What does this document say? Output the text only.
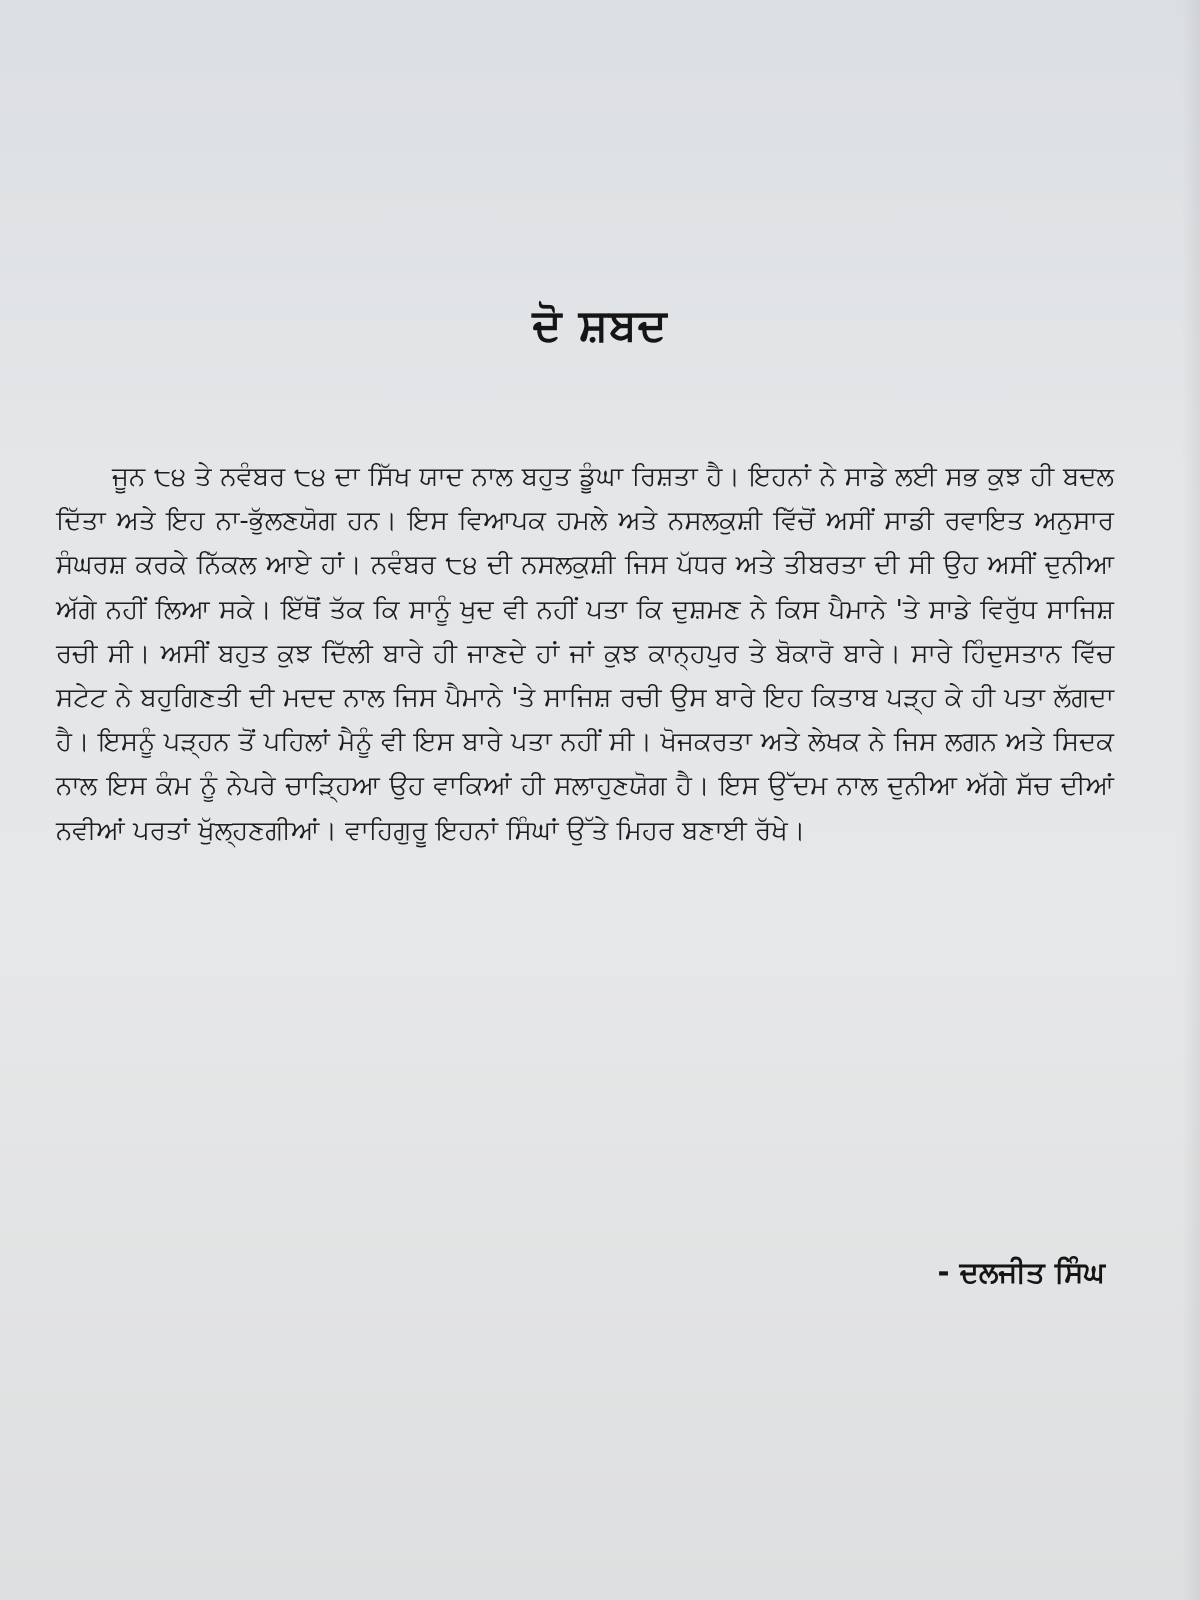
ਦੋ ਸ਼ਬਦ

ਜੂਨ ੮੪ ਤੇ ਨਵੰਬਰ ੮੪ ਦਾ ਸਿੱਖ ਯਾਦ ਨਾਲ ਬਹੁਤ ਡੂੰਘਾ ਰਿਸ਼ਤਾ ਹੈ। ਇਹਨਾਂ ਨੇ ਸਾਡੇ ਲਈ ਸਭ ਕੁਝ ਹੀ ਬਦਲ ਦਿੱਤਾ ਅਤੇ ਇਹ ਨਾ-ਭੁੱਲਣਯੋਗ ਹਨ। ਇਸ ਵਿਆਪਕ ਹਮਲੇ ਅਤੇ ਨਸਲਕੁਸ਼ੀ ਵਿੱਚੋਂ ਅਸੀਂ ਸਾਡੀ ਰਵਾਇਤ ਅਨੁਸਾਰ ਸੰਘਰਸ਼ ਕਰਕੇ ਨਿੱਕਲ ਆਏ ਹਾਂ। ਨਵੰਬਰ ੮੪ ਦੀ ਨਸਲਕੁਸ਼ੀ ਜਿਸ ਪੱਧਰ ਅਤੇ ਤੀਬਰਤਾ ਦੀ ਸੀ ਉਹ ਅਸੀਂ ਦੁਨੀਆ ਅੱਗੇ ਨਹੀਂ ਲਿਆ ਸਕੇ। ਇੱਥੋਂ ਤੱਕ ਕਿ ਸਾਨੂੰ ਖੁਦ ਵੀ ਨਹੀਂ ਪਤਾ ਕਿ ਦੁਸ਼ਮਣ ਨੇ ਕਿਸ ਪੈਮਾਨੇ 'ਤੇ ਸਾਡੇ ਵਿਰੁੱਧ ਸਾਜਿਸ਼ ਰਚੀ ਸੀ। ਅਸੀਂ ਬਹੁਤ ਕੁਝ ਦਿੱਲੀ ਬਾਰੇ ਹੀ ਜਾਣਦੇ ਹਾਂ ਜਾਂ ਕੁਝ ਕਾਨ੍ਹਪੁਰ ਤੇ ਬੋਕਾਰੋ ਬਾਰੇ। ਸਾਰੇ ਹਿੰਦੁਸਤਾਨ ਵਿੱਚ ਸਟੇਟ ਨੇ ਬਹੁਗਿਣਤੀ ਦੀ ਮਦਦ ਨਾਲ ਜਿਸ ਪੈਮਾਨੇ 'ਤੇ ਸਾਜਿਸ਼ ਰਚੀ ਉਸ ਬਾਰੇ ਇਹ ਕਿਤਾਬ ਪੜ੍ਹ ਕੇ ਹੀ ਪਤਾ ਲੱਗਦਾ ਹੈ। ਇਸਨੂੰ ਪੜ੍ਹਨ ਤੋਂ ਪਹਿਲਾਂ ਮੈਨੂੰ ਵੀ ਇਸ ਬਾਰੇ ਪਤਾ ਨਹੀਂ ਸੀ। ਖੋਜਕਰਤਾ ਅਤੇ ਲੇਖਕ ਨੇ ਜਿਸ ਲਗਨ ਅਤੇ ਸਿਦਕ ਨਾਲ ਇਸ ਕੰਮ ਨੂੰ ਨੇਪਰੇ ਚਾੜ੍ਹਿਆ ਉਹ ਵਾਕਿਆਂ ਹੀ ਸਲਾਹੁਣਯੋਗ ਹੈ। ਇਸ ਉੱਦਮ ਨਾਲ ਦੁਨੀਆ ਅੱਗੇ ਸੱਚ ਦੀਆਂ ਨਵੀਆਂ ਪਰਤਾਂ ਖੁੱਲ੍ਹਣਗੀਆਂ। ਵਾਹਿਗੁਰੂ ਇਹਨਾਂ ਸਿੰਘਾਂ ਉੱਤੇ ਮਿਹਰ ਬਣਾਈ ਰੱਖੇ।

- ਦਲਜੀਤ ਸਿੰਘ
